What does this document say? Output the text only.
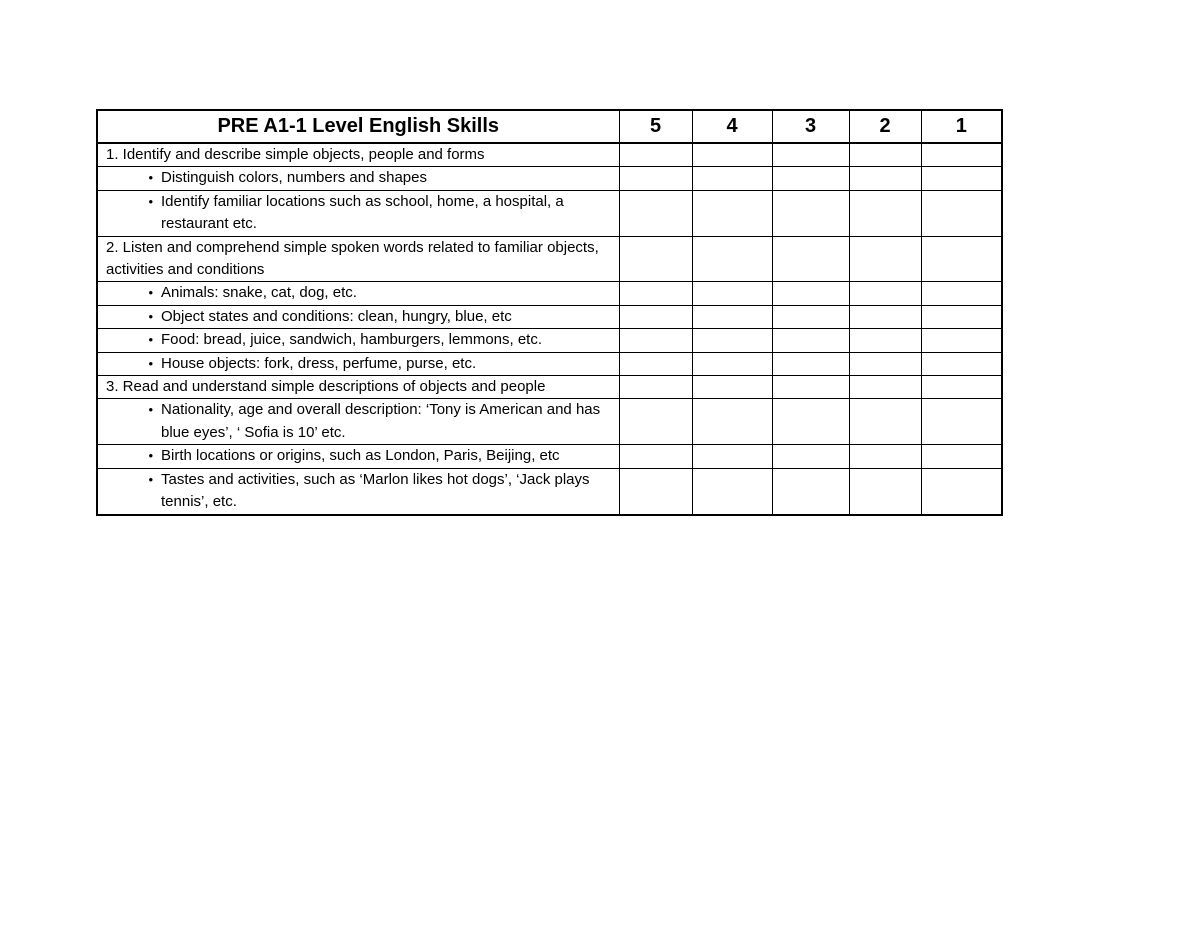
PRE A1-1 Level English Skills	5	4	3	2	1
1. Identify and describe simple objects, people and forms					

• Distinguish colors, numbers and shapes					

• Identify familiar locations such as school, home, a hospital, a restaurant etc.					

2. Listen and comprehend simple spoken words related to familiar objects, activities and conditions					

• Animals: snake, cat, dog, etc.					

• Object states and conditions: clean, hungry, blue, etc					

• Food: bread, juice, sandwich, hamburgers, lemmons, etc.					

• House objects: fork, dress, perfume, purse, etc.					

3. Read and understand simple descriptions of objects and people					

• Nationality, age and overall description: ‘Tony is American and has blue eyes’, ‘ Sofia is 10’ etc.					

• Birth locations or origins, such as London, Paris, Beijing, etc					

• Tastes and activities, such as ‘Marlon likes hot dogs’, ‘Jack plays tennis’, etc.					
